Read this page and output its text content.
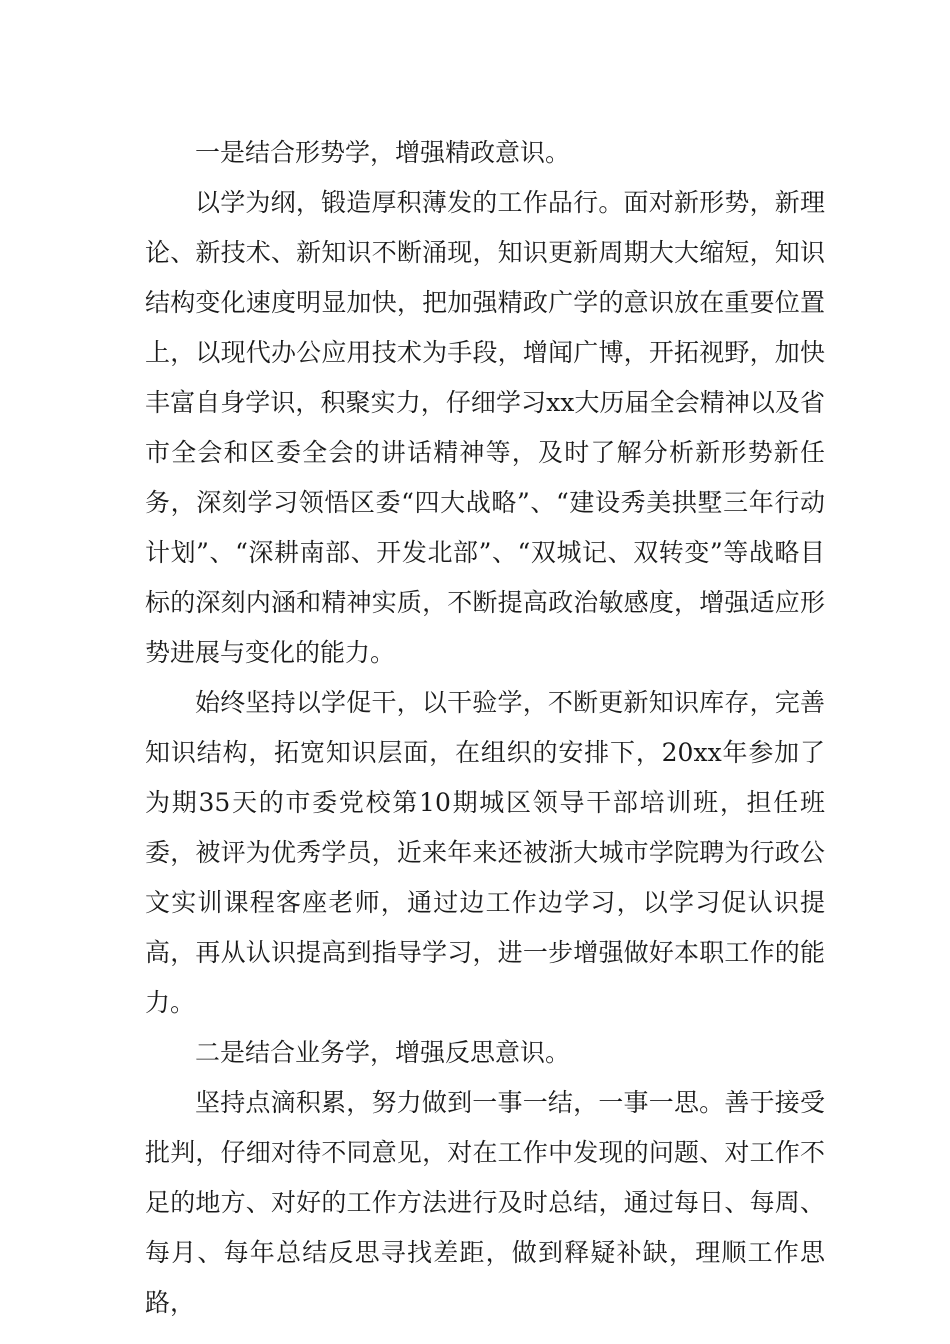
一是结合形势学，增强精政意识。

以学为纲，锻造厚积薄发的工作品行。面对新形势，新理论、新技术、新知识不断涌现，知识更新周期大大缩短，知识结构变化速度明显加快，把加强精政广学的意识放在重要位置上，以现代办公应用技术为手段，增闻广博，开拓视野，加快丰富自身学识，积聚实力，仔细学习xx大历届全会精神以及省市全会和区委全会的讲话精神等，及时了解分析新形势新任务，深刻学习领悟区委“四大战略”、“建设秀美拱墅三年行动计划”、“深耕南部、开发北部”、“双城记、双转变”等战略目标的深刻内涵和精神实质，不断提高政治敏感度，增强适应形势进展与变化的能力。

始终坚持以学促干，以干验学，不断更新知识库存，完善知识结构，拓宽知识层面，在组织的安排下，20xx年参加了为期35天的市委党校第10期城区领导干部培训班，担任班委，被评为优秀学员，近来年来还被浙大城市学院聘为行政公文实训课程客座老师，通过边工作边学习，以学习促认识提高，再从认识提高到指导学习，进一步增强做好本职工作的能力。

二是结合业务学，增强反思意识。

坚持点滴积累，努力做到一事一结，一事一思。善于接受批判，仔细对待不同意见，对在工作中发现的问题、对工作不足的地方、对好的工作方法进行及时总结，通过每日、每周、每月、每年总结反思寻找差距，做到释疑补缺，理顺工作思路，
